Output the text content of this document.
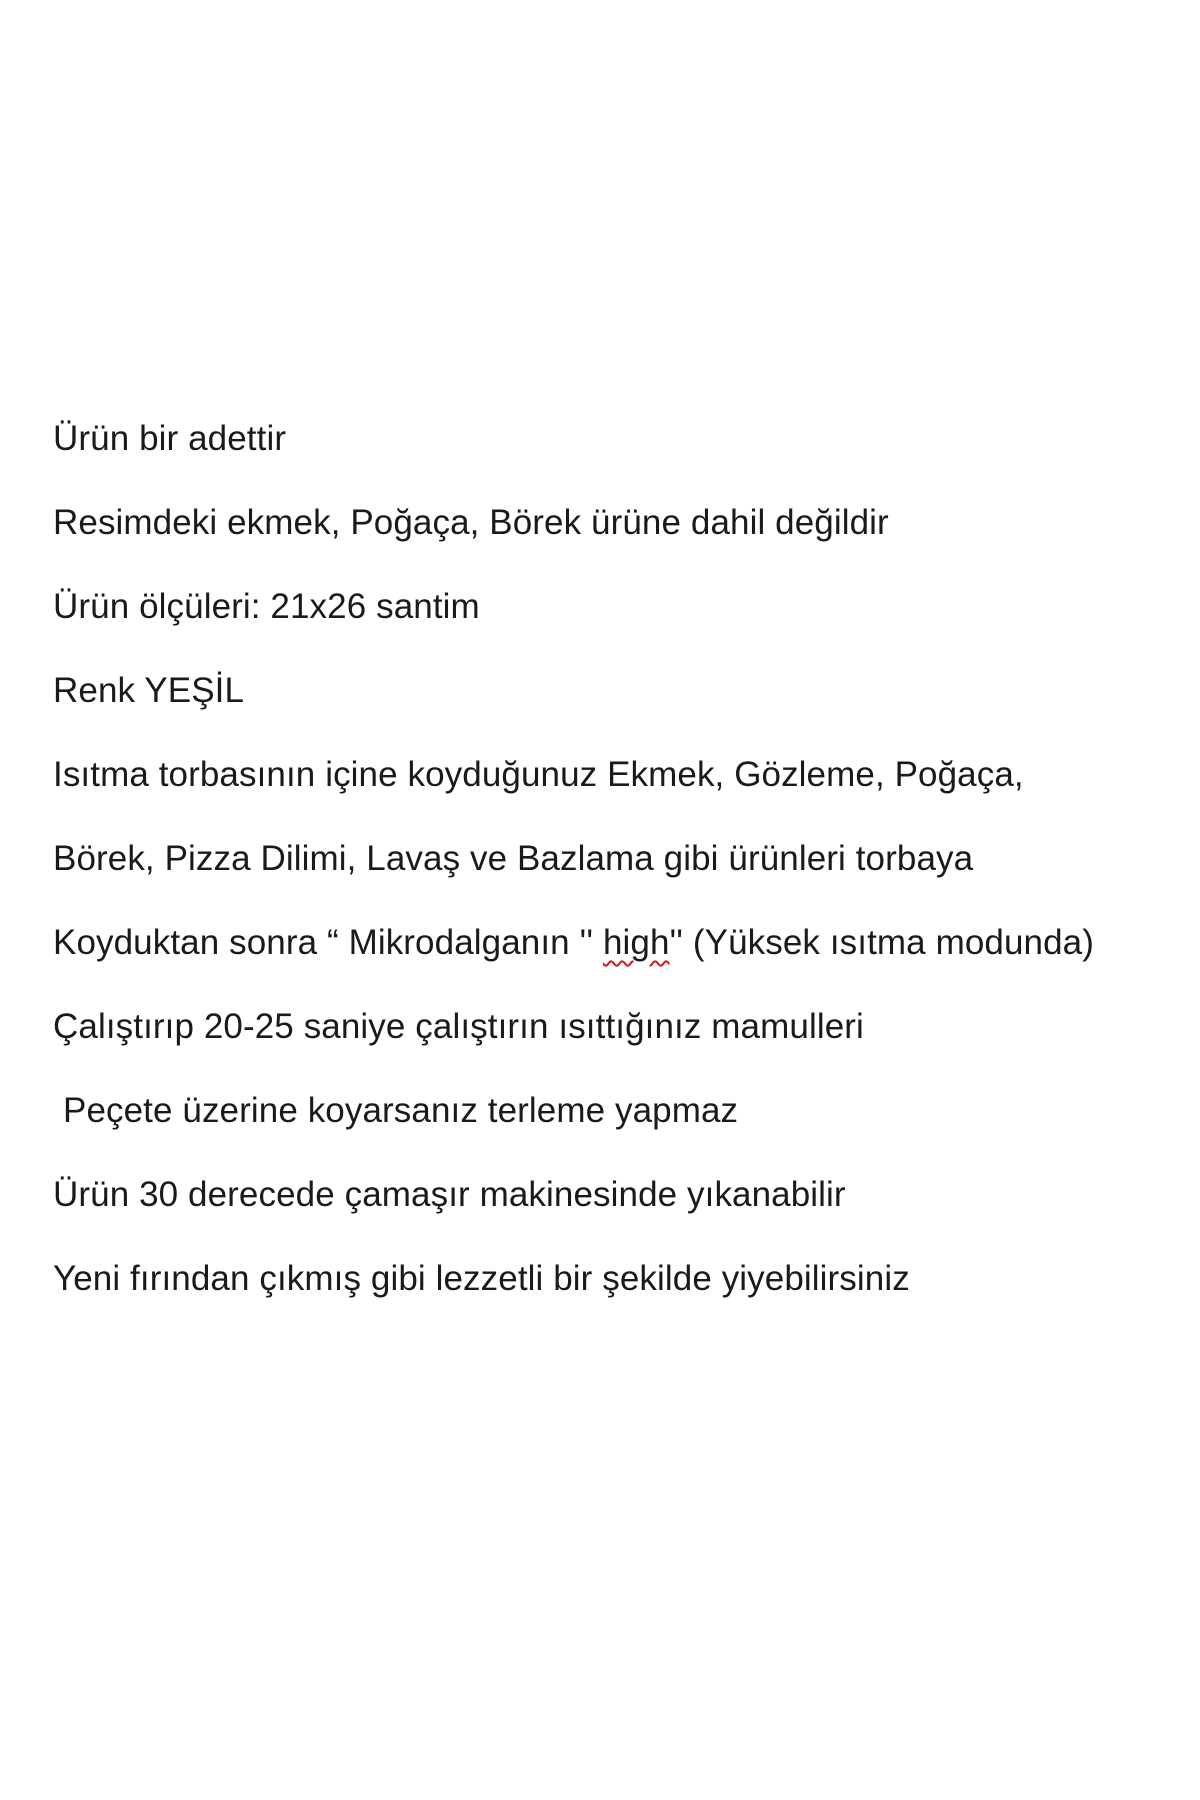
Ürün bir adettir
Resimdeki ekmek, Poğaça, Börek ürüne dahil değildir
Ürün ölçüleri: 21x26 santim
Renk YEŞİL
Isıtma torbasının içine koyduğunuz Ekmek, Gözleme, Poğaça,
Börek, Pizza Dilimi, Lavaş ve Bazlama gibi ürünleri torbaya
Koyduktan sonra “ Mikrodalganın '' high'' (Yüksek ısıtma modunda)
Çalıştırıp 20-25 saniye çalıştırın ısıttığınız mamulleri
Peçete üzerine koyarsanız terleme yapmaz
Ürün 30 derecede çamaşır makinesinde yıkanabilir
Yeni fırından çıkmış gibi lezzetli bir şekilde yiyebilirsiniz
